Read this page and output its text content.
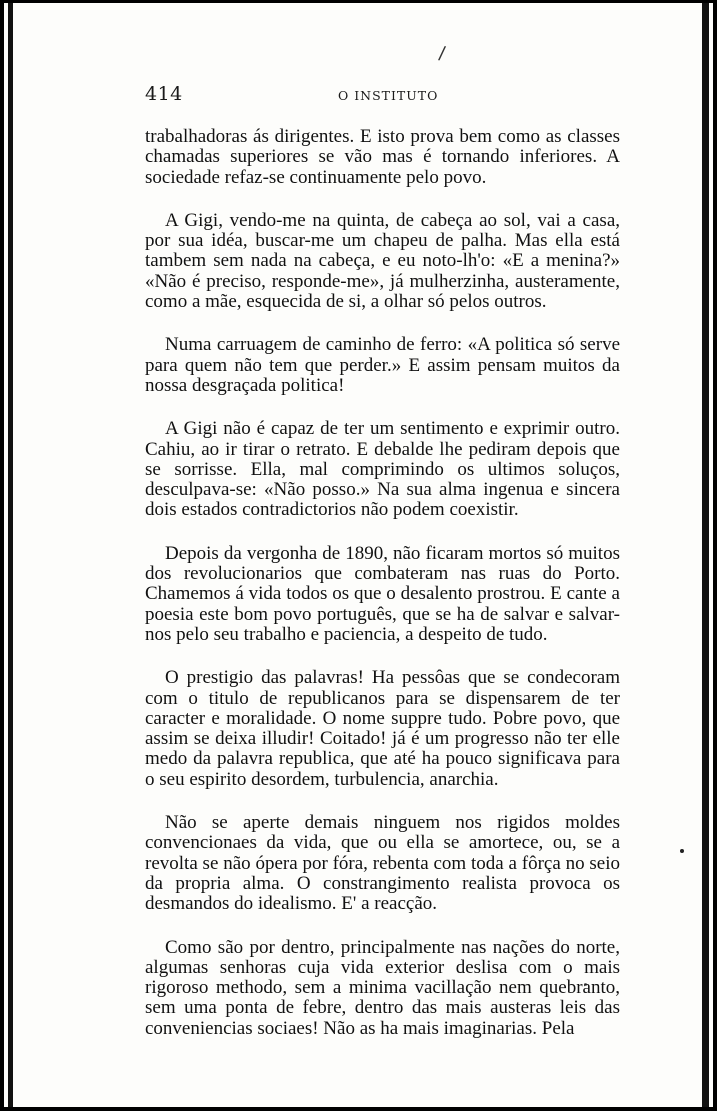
/
414	O INSTITUTO

trabalhadoras ás dirigentes. E isto prova bem como as classes chamadas superiores se vão mas é tornando inferiores. A sociedade refaz-se continuamente pelo povo.

A Gigi, vendo-me na quinta, de cabeça ao sol, vai a casa, por sua idéa, buscar-me um chapeu de palha. Mas ella está tambem sem nada na cabeça, e eu noto-lh'o: «E a menina?» «Não é preciso, responde-me», já mulherzinha, austeramente, como a mãe, esquecida de si, a olhar só pelos outros.

Numa carruagem de caminho de ferro: «A politica só serve para quem não tem que perder.» E assim pensam muitos da nossa desgraçada politica!

A Gigi não é capaz de ter um sentimento e exprimir outro. Cahiu, ao ir tirar o retrato. E debalde lhe pediram depois que se sorrisse. Ella, mal comprimindo os ultimos soluços, desculpava-se: «Não posso.» Na sua alma ingenua e sincera dois estados contradictorios não podem coexistir.

Depois da vergonha de 1890, não ficaram mortos só muitos dos revolucionarios que combateram nas ruas do Porto. Chamemos á vida todos os que o desalento prostrou. E cante a poesia este bom povo português, que se ha de salvar e salvar-nos pelo seu trabalho e paciencia, a despeito de tudo.

O prestigio das palavras! Ha pessôas que se condecoram com o titulo de republicanos para se dispensarem de ter caracter e moralidade. O nome suppre tudo. Pobre povo, que assim se deixa illudir! Coitado! já é um progresso não ter elle medo da palavra republica, que até ha pouco significava para o seu espirito desordem, turbulencia, anarchia.

Não se aperte demais ninguem nos rigidos moldes convencionaes da vida, que ou ella se amortece, ou, se a revolta se não ópera por fóra, rebenta com toda a fôrça no seio da propria alma. O constrangimento realista provoca os desmandos do idealismo. E' a reacção.

Como são por dentro, principalmente nas nações do norte, algumas senhoras cuja vida exterior deslisa com o mais rigoroso methodo, sem a minima vacillação nem quebranto, sem uma ponta de febre, dentro das mais austeras leis das conveniencias sociaes! Não as ha mais imaginarias. Pela
